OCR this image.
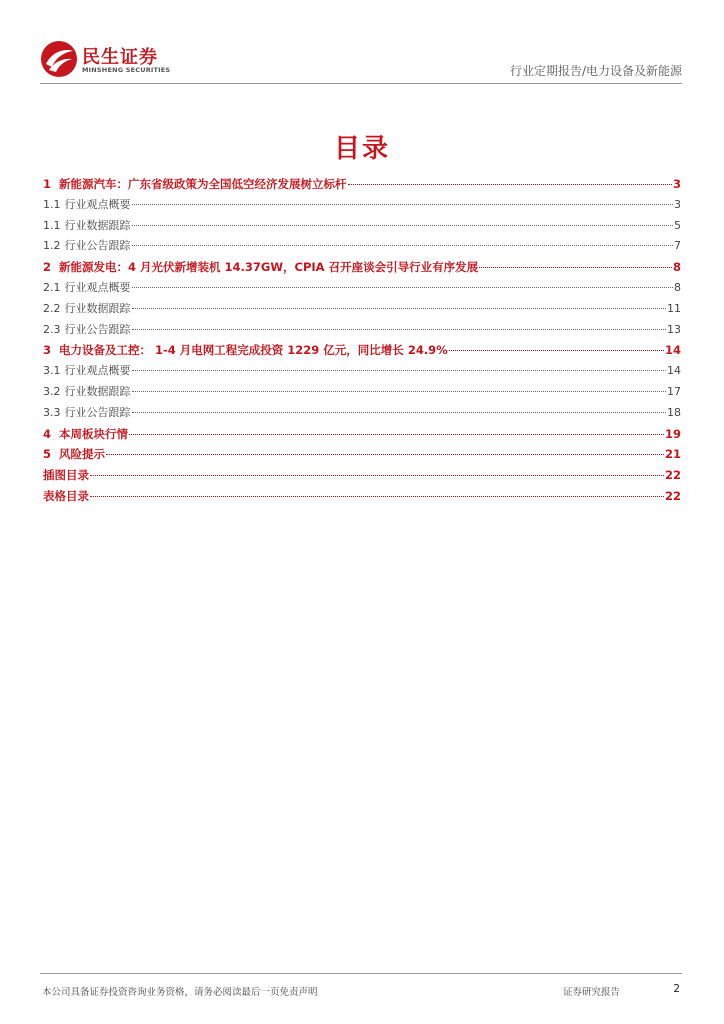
民生证券
MINSHENG SECURITIES	行业定期报告/电力设备及新能源
目录
1 新能源汽车：广东省级政策为全国低空经济发展树立标杆	3
1.1 行业观点概要	3
1.1 行业数据跟踪	5
1.2 行业公告跟踪	7
2 新能源发电：4 月光伏新增装机 14.37GW，CPIA 召开座谈会引导行业有序发展	8
2.1 行业观点概要	8
2.2 行业数据跟踪	11
2.3 行业公告跟踪	13
3 电力设备及工控： 1-4 月电网工程完成投资 1229 亿元，同比增长 24.9%	14
3.1 行业观点概要	14
3.2 行业数据跟踪	17
3.3 行业公告跟踪	18
4 本周板块行情	19
5 风险提示	21
插图目录	22
表格目录	22
本公司具备证券投资咨询业务资格，请务必阅读最后一页免责声明	证券研究报告	2
